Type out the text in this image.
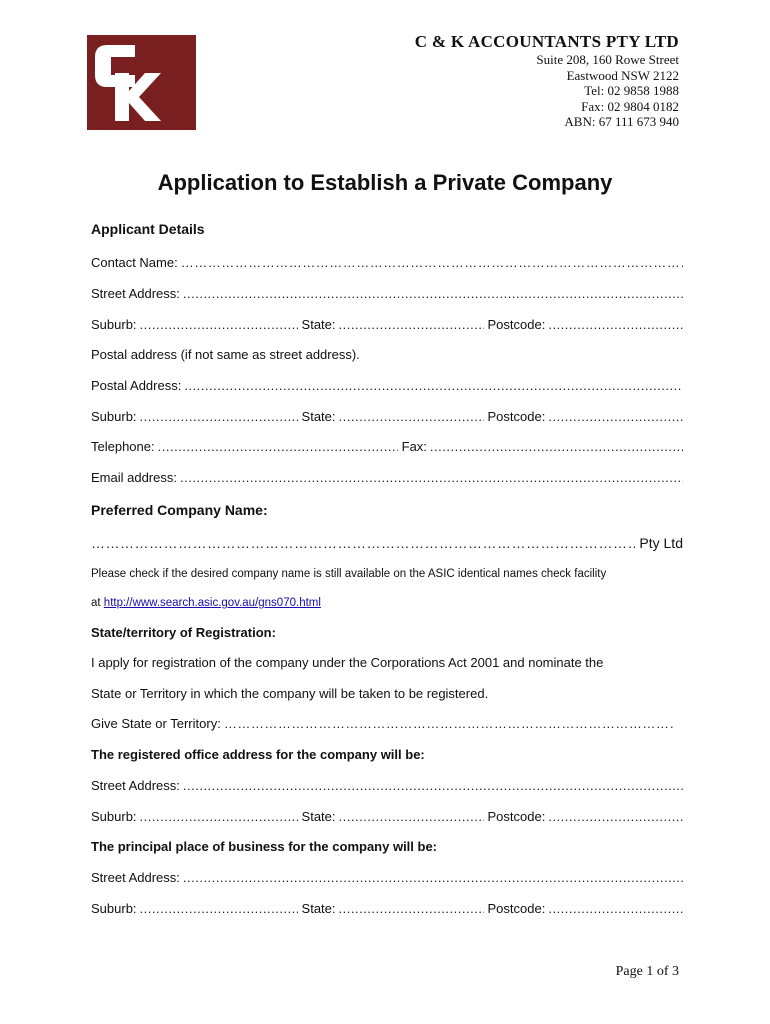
C & K ACCOUNTANTS PTY LTD
Suite 208, 160 Rowe Street
Eastwood NSW 2122
Tel: 02 9858 1988
Fax: 02 9804 0182
ABN: 67 111 673 940
Application to Establish a Private Company
Applicant Details
Contact Name:
…………………………………………………………………………………………………………………………………………………………………………………………………………………
Street Address:
.....
Suburb: .....	State: .....	Postcode:
.....
Postal address (if not same as street address).
Postal Address:
.....
Suburb: .....	State: .....	Postcode:
.....
Telephone: .....	Fax:
.....
Email address:
.....
Preferred Company Name:
…………………………………………………………………………………………………………………………………………………………………………………………………………………
Pty Ltd
Please check if the desired company name is still available on the ASIC identical names check facility
at http://www.search.asic.gov.au/gns070.html
State/territory of Registration:
I apply for registration of the company under the Corporations Act 2001 and nominate the
State or Territory in which the company will be taken to be registered.
Give State or Territory:
…………………………………………………………………………………………………………………………………………………………………………………………………………………
The registered office address for the company will be:
Street Address:
.....
Suburb: .....	State: .....	Postcode:
.....
The principal place of business for the company will be:
Street Address:
.....
Suburb: .....	State: .....	Postcode:
.....
Page 1 of 3
